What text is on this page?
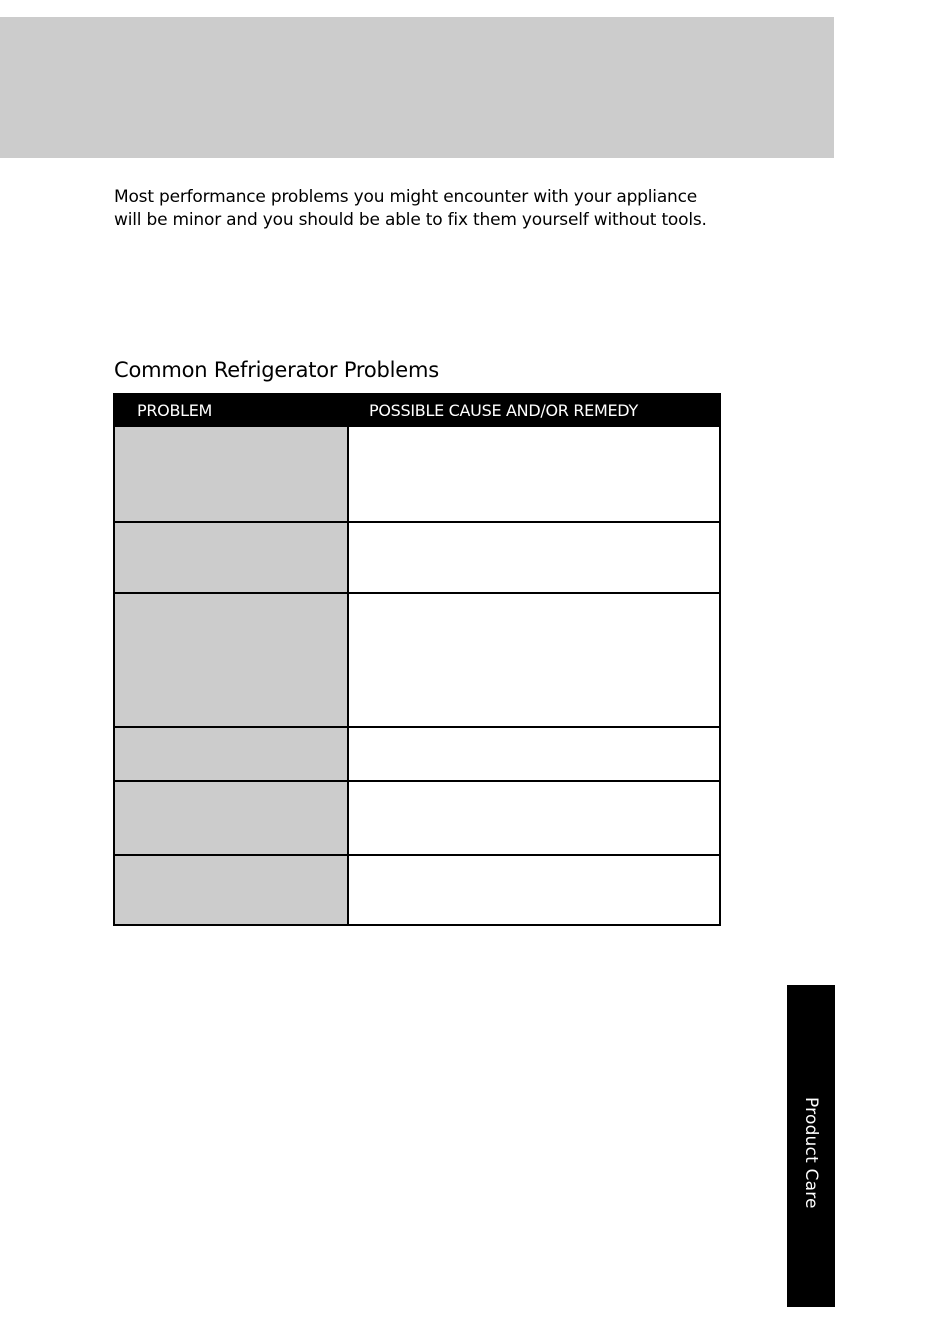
Most performance problems you might encounter with your appliance will be minor and you should be able to fix them yourself without tools.

Common Refrigerator Problems
PROBLEM	POSSIBLE CAUSE AND/OR REMEDY

Product Care
